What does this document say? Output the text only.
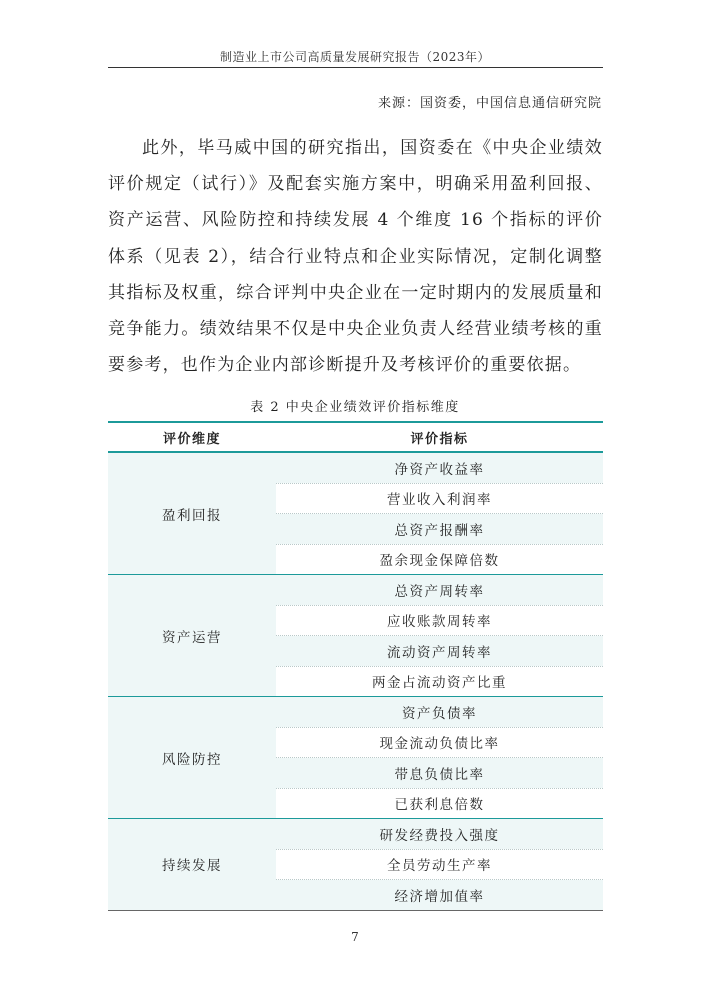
制造业上市公司高质量发展研究报告（2023年）
来源：国资委，中国信息通信研究院

此外，毕马威中国的研究指出，国资委在《中央企业绩效评价规定（试行）》及配套实施方案中，明确采用盈利回报、资产运营、风险防控和持续发展 4 个维度 16 个指标的评价体系（见表 2），结合行业特点和企业实际情况，定制化调整其指标及权重，综合评判中央企业在一定时期内的发展质量和竞争能力。绩效结果不仅是中央企业负责人经营业绩考核的重要参考，也作为企业内部诊断提升及考核评价的重要依据。

表 2 中央企业绩效评价指标维度
评价维度	评价指标
盈利回报	净资产收益率
	营业收入利润率
	总资产报酬率
	盈余现金保障倍数
资产运营	总资产周转率
	应收账款周转率
	流动资产周转率
	两金占流动资产比重
风险防控	资产负债率
	现金流动负债比率
	带息负债比率
	已获利息倍数
持续发展	研发经费投入强度
	全员劳动生产率
	经济增加值率
7
